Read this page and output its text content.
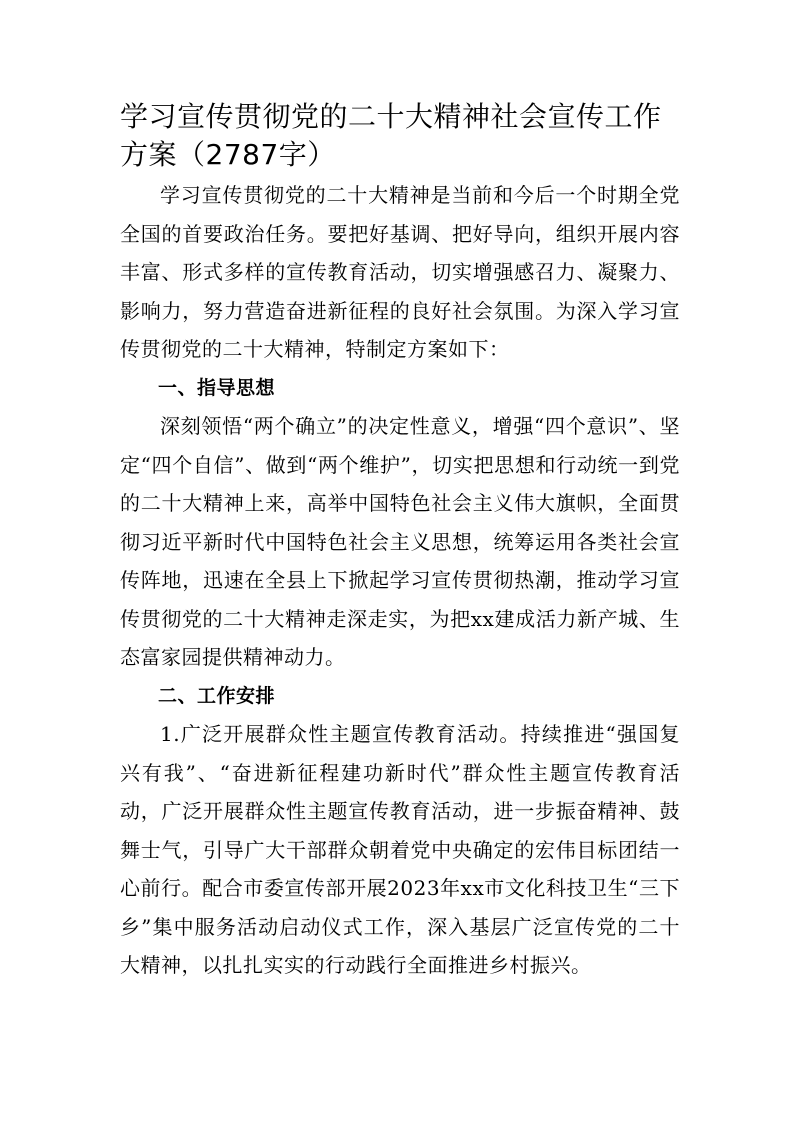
学习宣传贯彻党的二十大精神社会宣传工作方案（2787字）

学习宣传贯彻党的二十大精神是当前和今后一个时期全党全国的首要政治任务。要把好基调、把好导向，组织开展内容丰富、形式多样的宣传教育活动，切实增强感召力、凝聚力、影响力，努力营造奋进新征程的良好社会氛围。为深入学习宣传贯彻党的二十大精神，特制定方案如下：

一、指导思想

深刻领悟“两个确立”的决定性意义，增强“四个意识”、坚定“四个自信”、做到“两个维护”，切实把思想和行动统一到党的二十大精神上来，高举中国特色社会主义伟大旗帜，全面贯彻习近平新时代中国特色社会主义思想，统筹运用各类社会宣传阵地，迅速在全县上下掀起学习宣传贯彻热潮，推动学习宣传贯彻党的二十大精神走深走实，为把xx建成活力新产城、生态富家园提供精神动力。

二、工作安排

1.广泛开展群众性主题宣传教育活动。持续推进“强国复兴有我”、“奋进新征程建功新时代”群众性主题宣传教育活动，广泛开展群众性主题宣传教育活动，进一步振奋精神、鼓舞士气，引导广大干部群众朝着党中央确定的宏伟目标团结一心前行。配合市委宣传部开展2023年xx市文化科技卫生“三下乡”集中服务活动启动仪式工作，深入基层广泛宣传党的二十大精神，以扎扎实实的行动践行全面推进乡村振兴。
